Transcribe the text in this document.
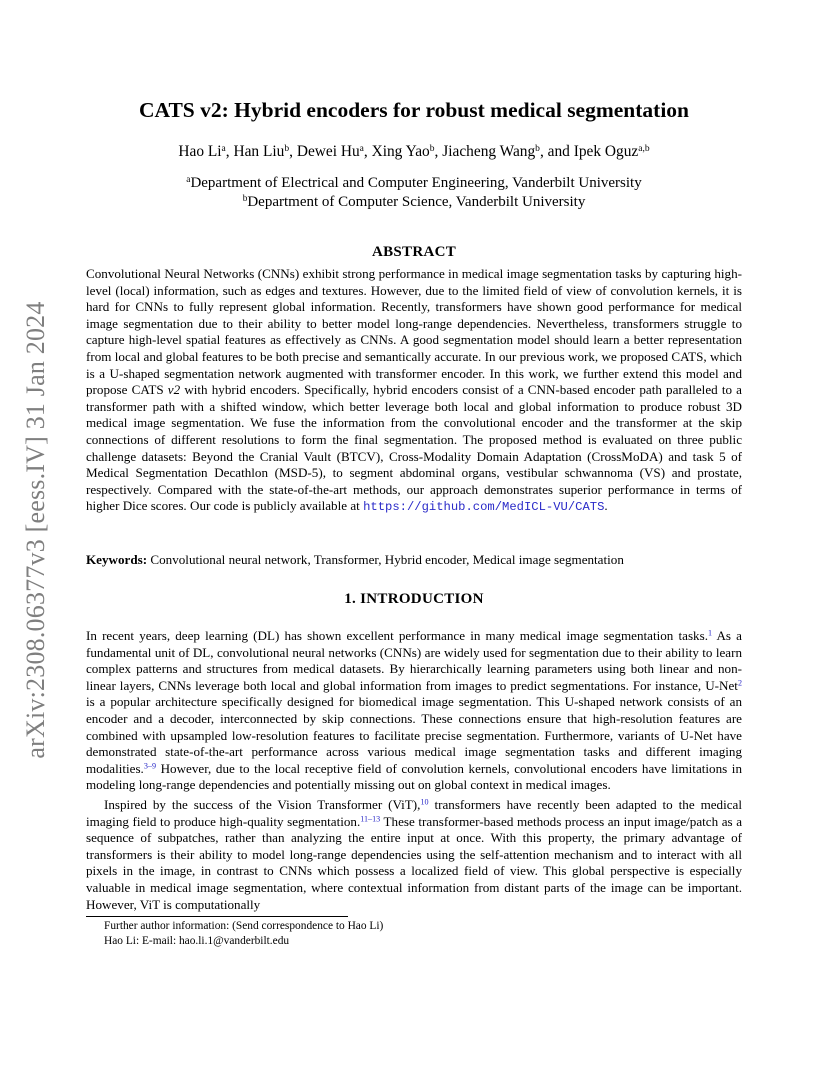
arXiv:2308.06377v3 [eess.IV] 31 Jan 2024
CATS v2: Hybrid encoders for robust medical segmentation
Hao Li$^a$, Han Liu$^b$, Dewei Hu$^a$, Xing Yao$^b$, Jiacheng Wang$^b$, and Ipek Oguz$^{a,b}$
$^a$Department of Electrical and Computer Engineering, Vanderbilt University
$^b$Department of Computer Science, Vanderbilt University
ABSTRACT
Convolutional Neural Networks (CNNs) exhibit strong performance in medical image segmentation tasks by capturing high-level (local) information, such as edges and textures. However, due to the limited field of view of convolution kernels, it is hard for CNNs to fully represent global information. Recently, transformers have shown good performance for medical image segmentation due to their ability to better model long-range dependencies. Nevertheless, transformers struggle to capture high-level spatial features as effectively as CNNs. A good segmentation model should learn a better representation from local and global features to be both precise and semantically accurate. In our previous work, we proposed CATS, which is a U-shaped segmentation network augmented with transformer encoder. In this work, we further extend this model and propose CATS v2 with hybrid encoders. Specifically, hybrid encoders consist of a CNN-based encoder path paralleled to a transformer path with a shifted window, which better leverage both local and global information to produce robust 3D medical image segmentation. We fuse the information from the convolutional encoder and the transformer at the skip connections of different resolutions to form the final segmentation. The proposed method is evaluated on three public challenge datasets: Beyond the Cranial Vault (BTCV), Cross-Modality Domain Adaptation (CrossMoDA) and task 5 of Medical Segmentation Decathlon (MSD-5), to segment abdominal organs, vestibular schwannoma (VS) and prostate, respectively. Compared with the state-of-the-art methods, our approach demonstrates superior performance in terms of higher Dice scores. Our code is publicly available at https://github.com/MedICL-VU/CATS.
Keywords: Convolutional neural network, Transformer, Hybrid encoder, Medical image segmentation
1. INTRODUCTION
In recent years, deep learning (DL) has shown excellent performance in many medical image segmentation tasks.$^1$ As a fundamental unit of DL, convolutional neural networks (CNNs) are widely used for segmentation due to their ability to learn complex patterns and structures from medical datasets. By hierarchically learning parameters using both linear and non-linear layers, CNNs leverage both local and global information from images to predict segmentations. For instance, U-Net$^2$ is a popular architecture specifically designed for biomedical image segmentation. This U-shaped network consists of an encoder and a decoder, interconnected by skip connections. These connections ensure that high-resolution features are combined with upsampled low-resolution features to facilitate precise segmentation. Furthermore, variants of U-Net have demonstrated state-of-the-art performance across various medical image segmentation tasks and different imaging modalities.$^{3-9}$ However, due to the local receptive field of convolution kernels, convolutional encoders have limitations in modeling long-range dependencies and potentially missing out on global context in medical images.
Inspired by the success of the Vision Transformer (ViT),$^{10}$ transformers have recently been adapted to the medical imaging field to produce high-quality segmentation.$^{11-13}$ These transformer-based methods process an input image/patch as a sequence of subpatches, rather than analyzing the entire input at once. With this property, the primary advantage of transformers is their ability to model long-range dependencies using the self-attention mechanism and to interact with all pixels in the image, in contrast to CNNs which possess a localized field of view. This global perspective is especially valuable in medical image segmentation, where contextual information from distant parts of the image can be important. However, ViT is computationally
Further author information: (Send correspondence to Hao Li)
Hao Li: E-mail: hao.li.1@vanderbilt.edu
